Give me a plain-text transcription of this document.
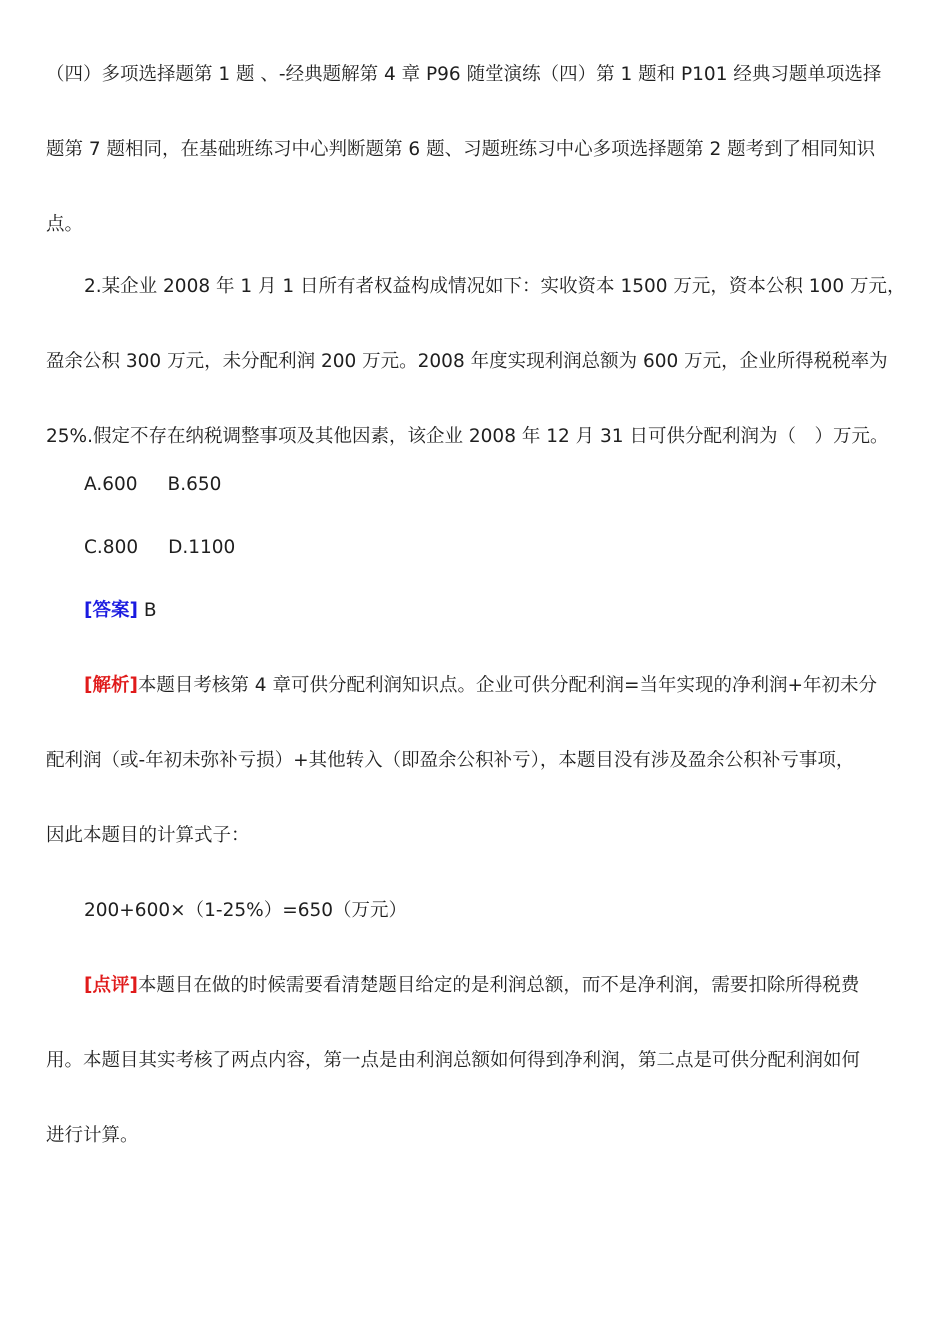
（四）多项选择题第 1 题 、-经典题解第 4 章 P96 随堂演练（四）第 1 题和 P101 经典习题单项选择
题第 7 题相同，在基础班练习中心判断题第 6 题、习题班练习中心多项选择题第 2 题考到了相同知识
点。
2.某企业 2008 年 1 月 1 日所有者权益构成情况如下：实收资本 1500 万元，资本公积 100 万元，
盈余公积 300 万元，未分配利润 200 万元。2008 年度实现利润总额为 600 万元，企业所得税税率为
25%.假定不存在纳税调整事项及其他因素，该企业 2008 年 12 月 31 日可供分配利润为（　）万元。
A.600 B.650
C.800 D.1100
[答案] B
[解析]本题目考核第 4 章可供分配利润知识点。企业可供分配利润=当年实现的净利润+年初未分
配利润（或-年初未弥补亏损）+其他转入（即盈余公积补亏），本题目没有涉及盈余公积补亏事项，
因此本题目的计算式子：
200+600×（1-25%）=650（万元）
[点评]本题目在做的时候需要看清楚题目给定的是利润总额，而不是净利润，需要扣除所得税费
用。本题目其实考核了两点内容，第一点是由利润总额如何得到净利润，第二点是可供分配利润如何
进行计算。
